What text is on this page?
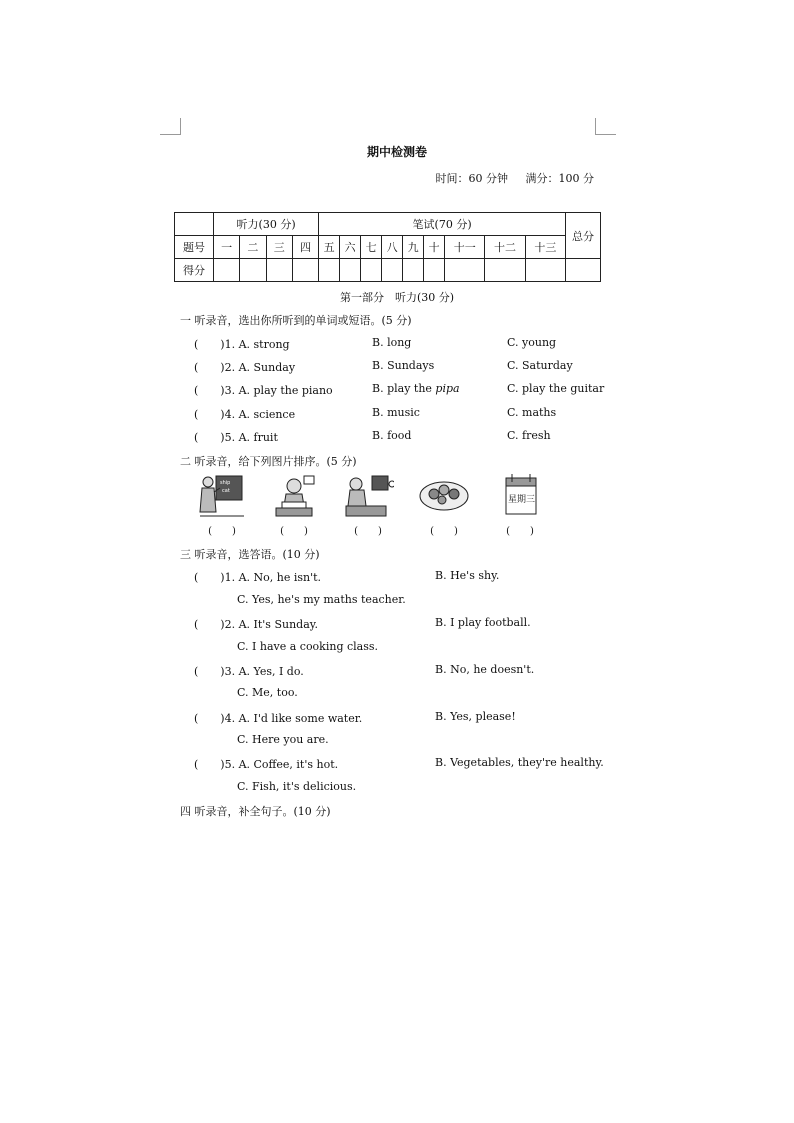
期中检测卷
时间：60 分钟 满分：100 分
	听力(30 分)				笔试(70 分)									总分
题号	一	二	三	四	五	六	七	八	九	十	十一	十二	十三	
得分														
第一部分　听力(30 分)
一 听录音，选出你所听到的单词或短语。(5 分)
(　　)1. A. strong	B. long	C. young
(　　)2. A. Sunday	B. Sundays	C. Saturday
(　　)3. A. play the piano	B. play the pipa	C. play the guitar
(　　)4. A. science	B. music	C. maths
(　　)5. A. fruit	B. food	C. fresh
二 听录音，给下列图片排序。(5 分)
ship
cat
(　　)	(　　)	(　　)	(　　)
星期三
(　　)
三 听录音，选答语。(10 分)
(　　)1. A. No, he isn't.	B. He's shy.
C. Yes, he's my maths teacher.
(　　)2. A. It's Sunday.	B. I play football.
C. I have a cooking class.
(　　)3. A. Yes, I do.	B. No, he doesn't.
C. Me, too.
(　　)4. A. I'd like some water.	B. Yes, please!
C. Here you are.
(　　)5. A. Coffee, it's hot.	B. Vegetables, they're healthy.
C. Fish, it's delicious.
四 听录音，补全句子。(10 分)
